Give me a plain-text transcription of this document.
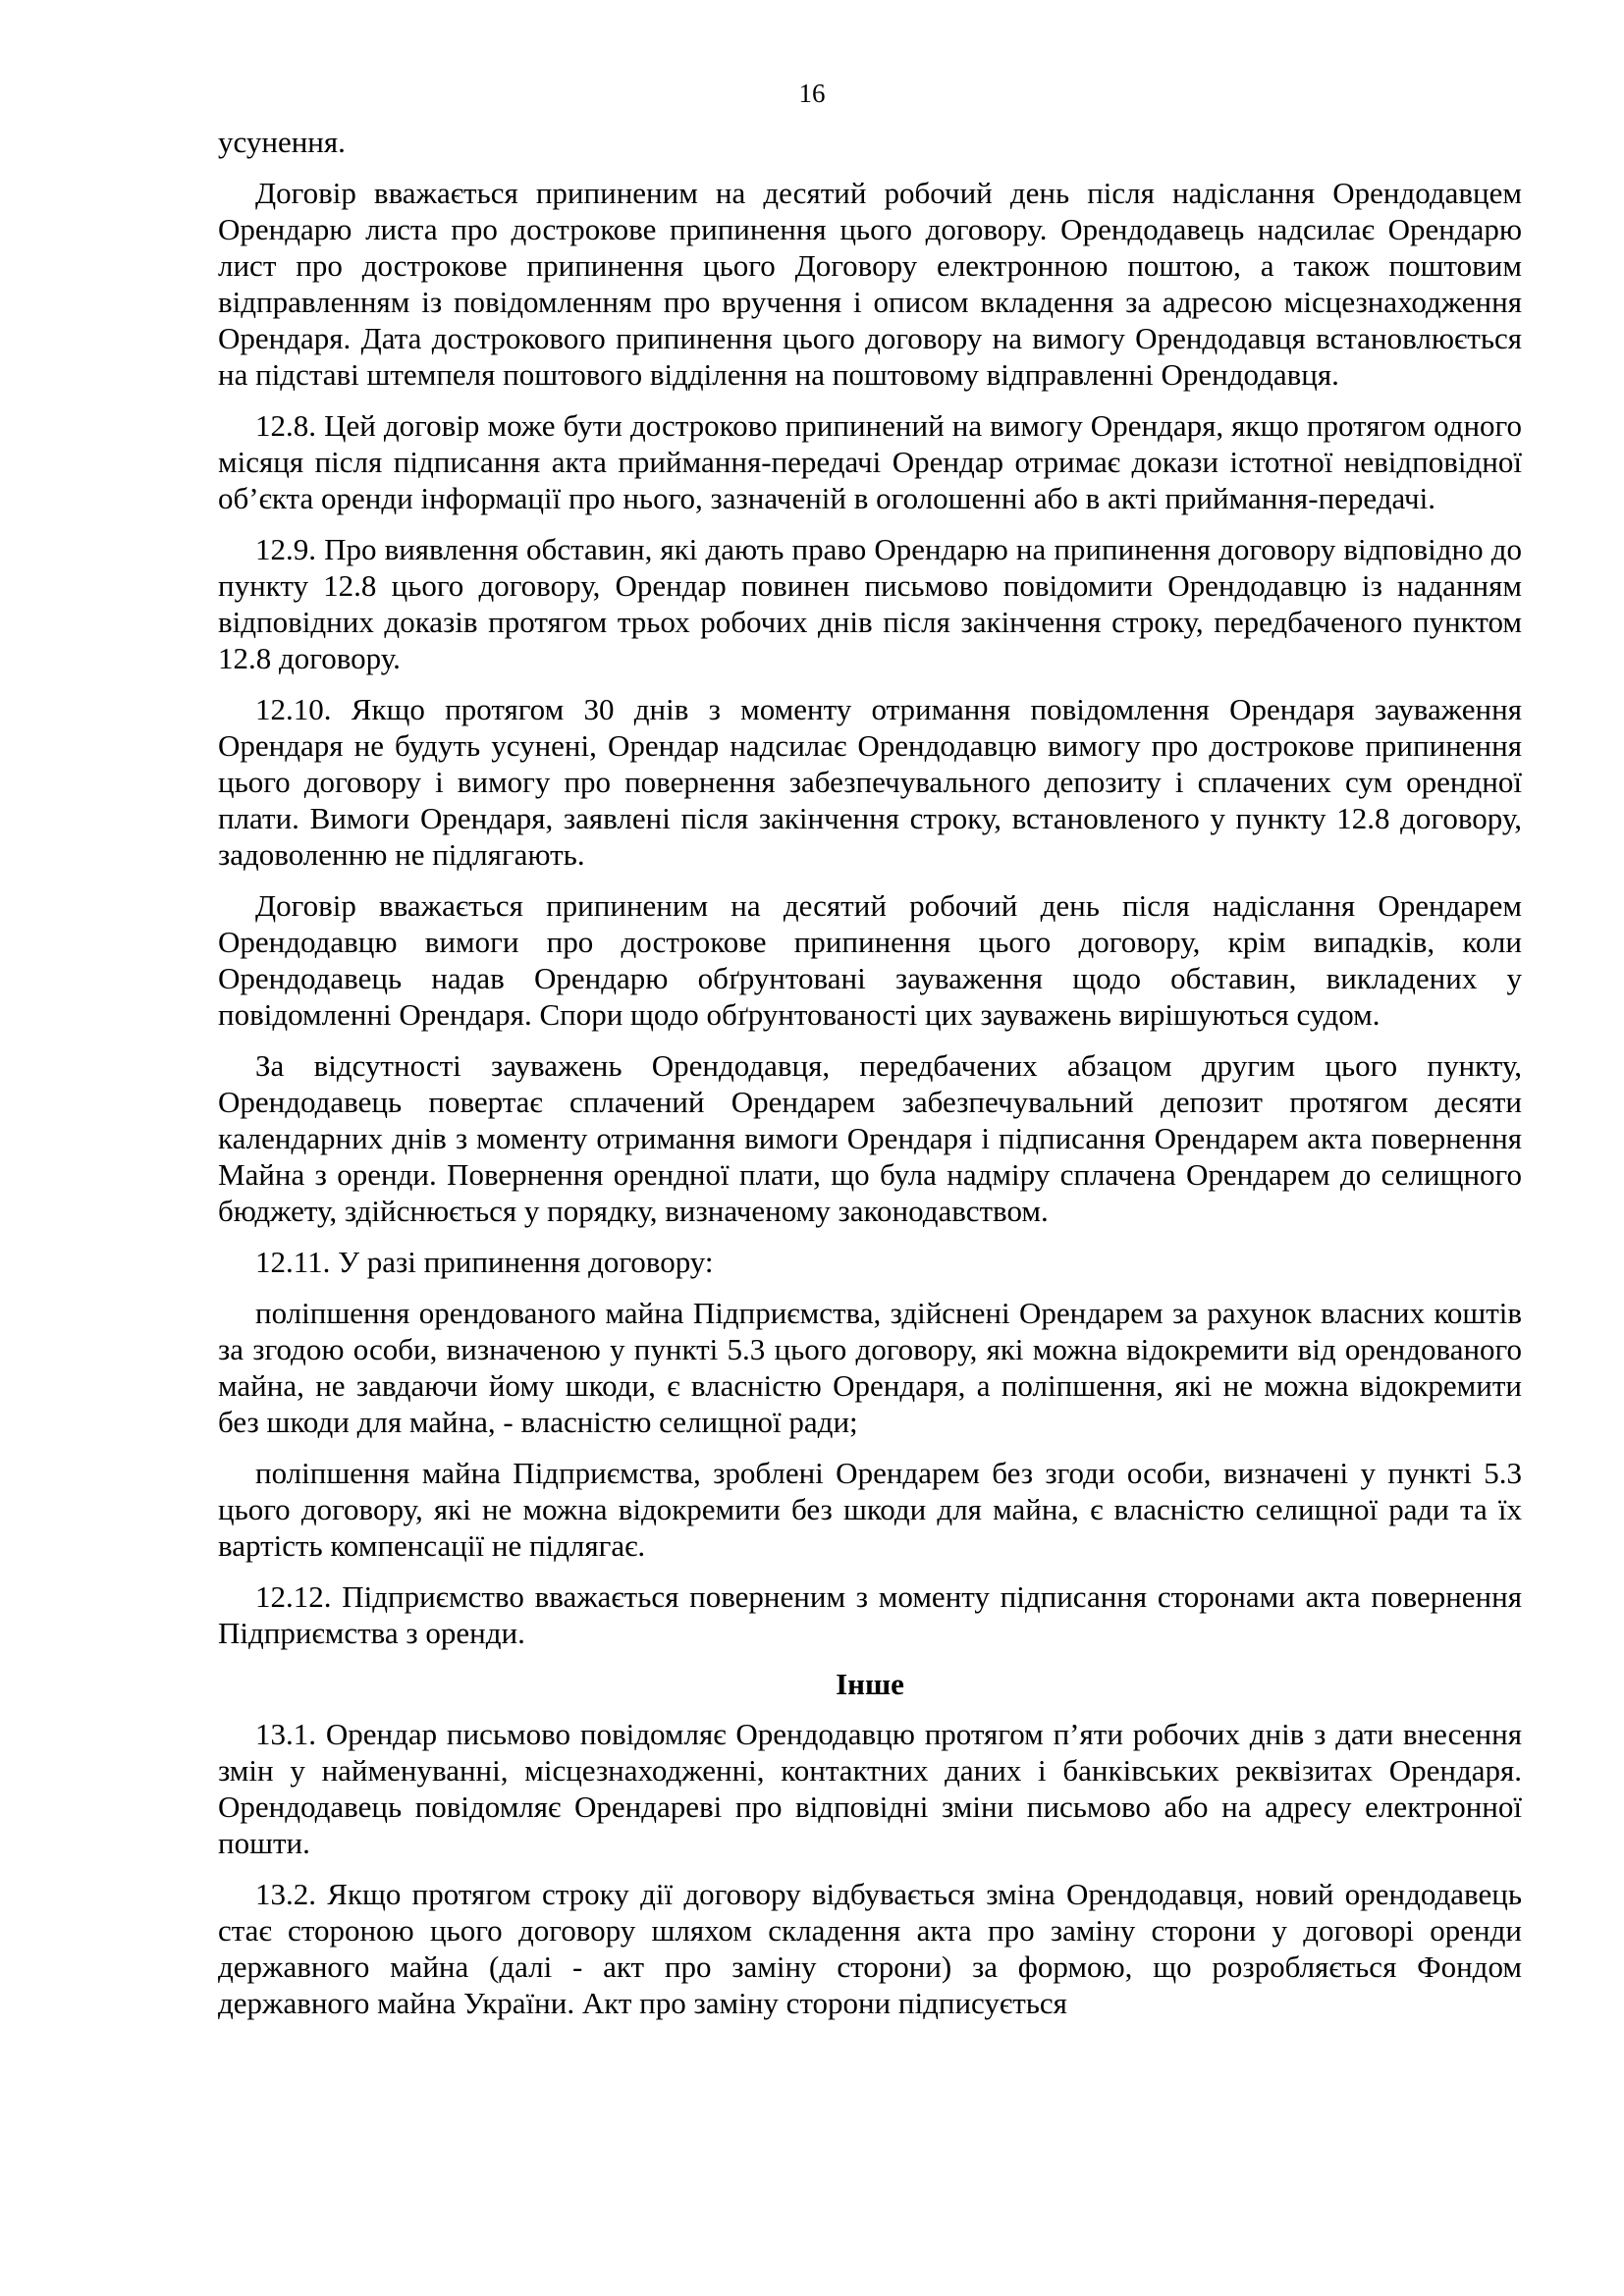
16

усунення.

Договір вважається припиненим на десятий робочий день після надіслання Орендодавцем Орендарю листа про дострокове припинення цього договору. Орендодавець надсилає Орендарю лист про дострокове припинення цього Договору електронною поштою, а також поштовим відправленням із повідомленням про вручення і описом вкладення за адресою місцезнаходження Орендаря. Дата дострокового припинення цього договору на вимогу Орендодавця встановлюється на підставі штемпеля поштового відділення на поштовому відправленні Орендодавця.

12.8. Цей договір може бути достроково припинений на вимогу Орендаря, якщо протягом одного місяця після підписання акта приймання-передачі Орендар отримає докази істотної невідповідної об’єкта оренди інформації про нього, зазначеній в оголошенні або в акті приймання-передачі.

12.9. Про виявлення обставин, які дають право Орендарю на припинення договору відповідно до пункту 12.8 цього договору, Орендар повинен письмово повідомити Орендодавцю із наданням відповідних доказів протягом трьох робочих днів після закінчення строку, передбаченого пунктом 12.8 договору.

12.10. Якщо протягом 30 днів з моменту отримання повідомлення Орендаря зауваження Орендаря не будуть усунені, Орендар надсилає Орендодавцю вимогу про дострокове припинення цього договору і вимогу про повернення забезпечувального депозиту і сплачених сум орендної плати. Вимоги Орендаря, заявлені після закінчення строку, встановленого у пункту 12.8 договору, задоволенню не підлягають.

Договір вважається припиненим на десятий робочий день після надіслання Орендарем Орендодавцю вимоги про дострокове припинення цього договору, крім випадків, коли Орендодавець надав Орендарю обґрунтовані зауваження щодо обставин, викладених у повідомленні Орендаря. Спори щодо обґрунтованості цих зауважень вирішуються судом.

За відсутності зауважень Орендодавця, передбачених абзацом другим цього пункту, Орендодавець повертає сплачений Орендарем забезпечувальний депозит протягом десяти календарних днів з моменту отримання вимоги Орендаря і підписання Орендарем акта повернення Майна з оренди. Повернення орендної плати, що була надміру сплачена Орендарем до селищного бюджету, здійснюється у порядку, визначеному законодавством.

12.11. У разі припинення договору:

поліпшення орендованого майна Підприємства, здійснені Орендарем за рахунок власних коштів за згодою особи, визначеною у пункті 5.3 цього договору, які можна відокремити від орендованого майна, не завдаючи йому шкоди, є власністю Орендаря, а поліпшення, які не можна відокремити без шкоди для майна, - власністю селищної ради;

поліпшення майна Підприємства, зроблені Орендарем без згоди особи, визначені у пункті 5.3 цього договору, які не можна відокремити без шкоди для майна, є власністю селищної ради та їх вартість компенсації не підлягає.

12.12. Підприємство вважається поверненим з моменту підписання сторонами акта повернення Підприємства з оренди.

Інше

13.1. Орендар письмово повідомляє Орендодавцю протягом п’яти робочих днів з дати внесення змін у найменуванні, місцезнаходженні, контактних даних і банківських реквізитах Орендаря. Орендодавець повідомляє Орендареві про відповідні зміни письмово або на адресу електронної пошти.

13.2. Якщо протягом строку дії договору відбувається зміна Орендодавця, новий орендодавець стає стороною цього договору шляхом складення акта про заміну сторони у договорі оренди державного майна (далі - акт про заміну сторони) за формою, що розробляється Фондом державного майна України. Акт про заміну сторони підписується
